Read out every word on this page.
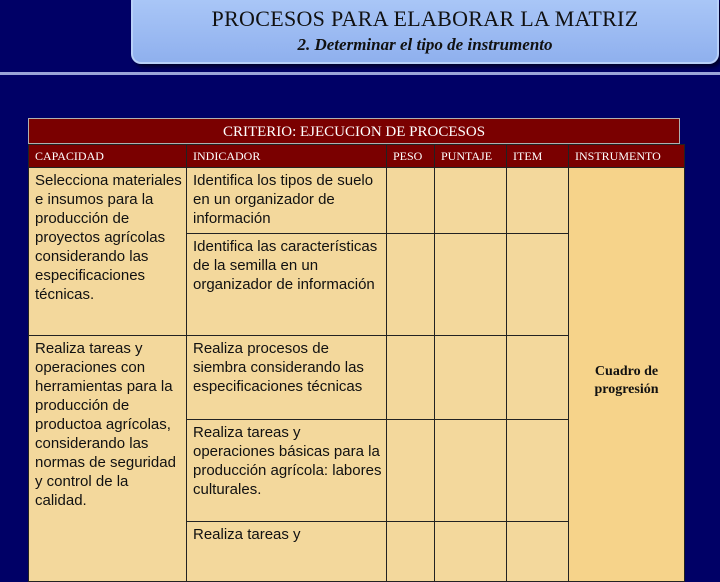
PROCESOS PARA ELABORAR LA MATRIZ
2. Determinar el tipo de instrumento
CRITERIO: EJECUCION DE PROCESOS
CAPACIDAD	INDICADOR	PESO	PUNTAJE	ITEM	INSTRUMENTO
Selecciona materiales e insumos para la producción de proyectos agrícolas considerando las especificaciones técnicas.	Identifica los tipos de suelo en un organizador de información				Cuadro de progresión
	Identifica las características de la semilla en un organizador de información				
Realiza tareas y operaciones con herramientas para la producción de productoa agrícolas, considerando las normas de seguridad y control de la calidad.	Realiza procesos de siembra considerando las especificaciones técnicas				
	Realiza tareas y operaciones básicas para la producción agrícola: labores culturales.				
	Realiza tareas y				
